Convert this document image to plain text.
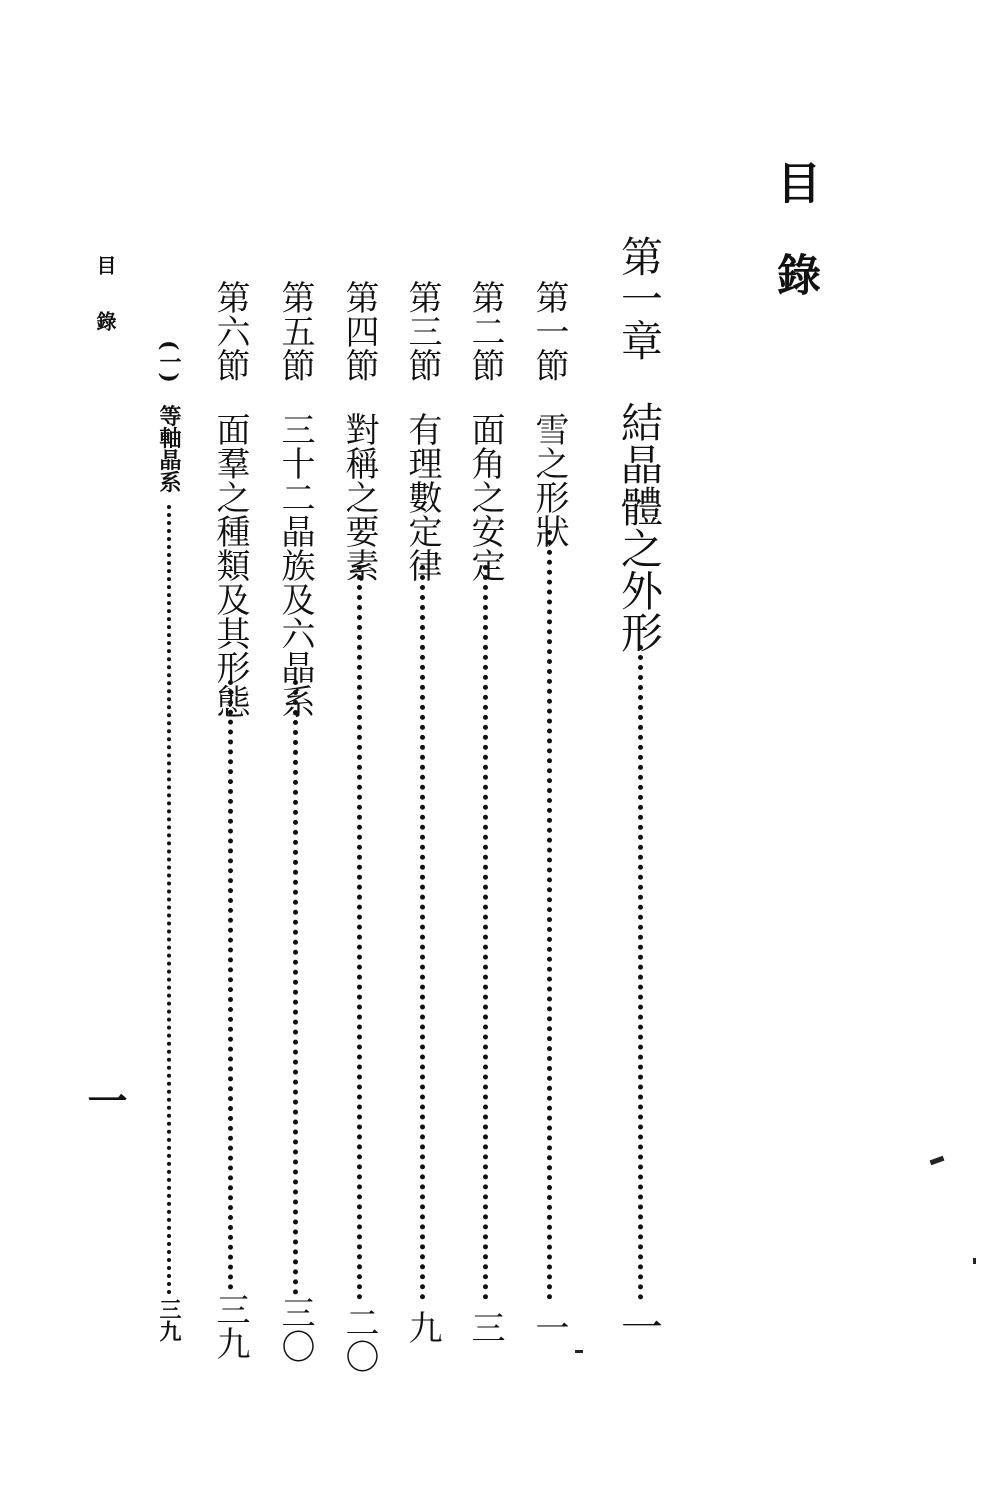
目錄
第一章結晶體之外形
一
第一節雪之形狀
一
第二節面角之安定
三
第三節有理數定律
九
第四節對稱之要素
二〇
第五節三十二晶族及六晶系
三〇
第六節面羣之種類及其形態
三九
(一)等軸晶系
三九
目錄
一
